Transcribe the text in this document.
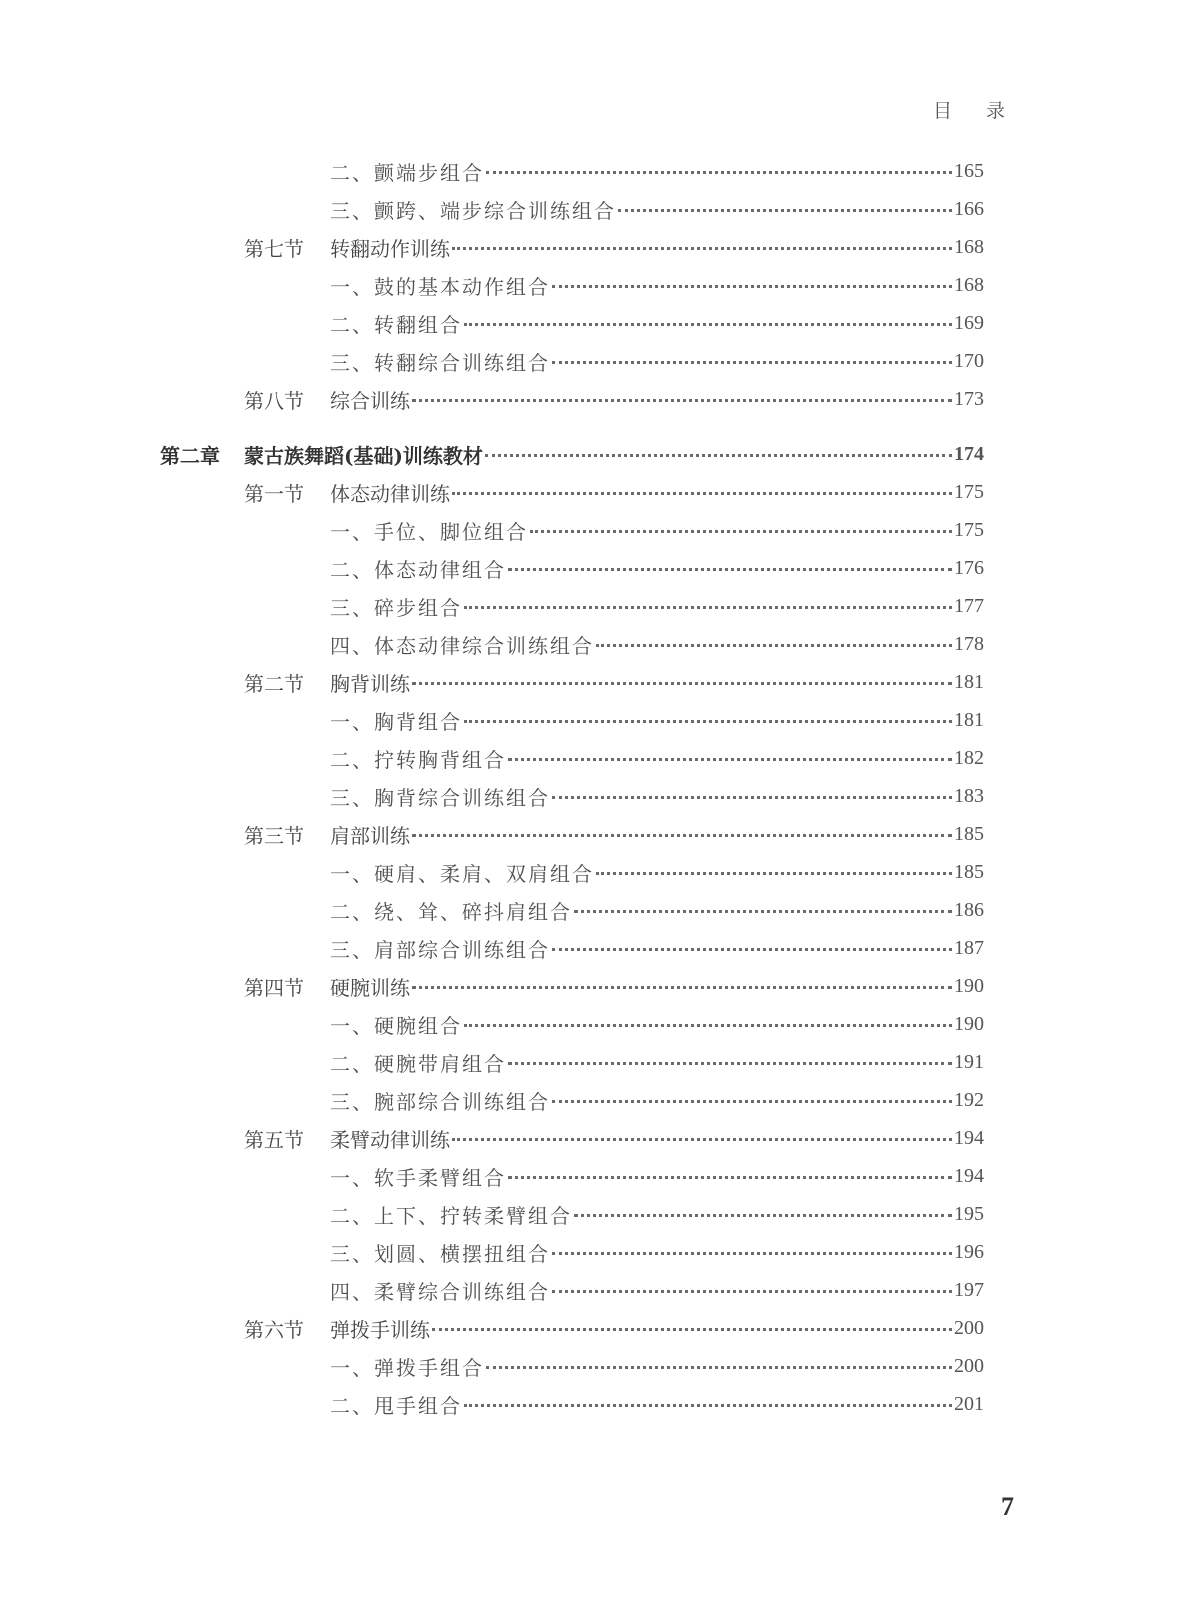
目 录
二、颤端步组合	165
三、颤跨、端步综合训练组合	166
第七节	转翻动作训练	168
一、鼓的基本动作组合	168
二、转翻组合	169
三、转翻综合训练组合	170
第八节	综合训练	173
第二章	蒙古族舞蹈(基础)训练教材	174
第一节	体态动律训练	175
一、手位、脚位组合	175
二、体态动律组合	176
三、碎步组合	177
四、体态动律综合训练组合	178
第二节	胸背训练	181
一、胸背组合	181
二、拧转胸背组合	182
三、胸背综合训练组合	183
第三节	肩部训练	185
一、硬肩、柔肩、双肩组合	185
二、绕、耸、碎抖肩组合	186
三、肩部综合训练组合	187
第四节	硬腕训练	190
一、硬腕组合	190
二、硬腕带肩组合	191
三、腕部综合训练组合	192
第五节	柔臂动律训练	194
一、软手柔臂组合	194
二、上下、拧转柔臂组合	195
三、划圆、横摆扭组合	196
四、柔臂综合训练组合	197
第六节	弹拨手训练	200
一、弹拨手组合	200
二、甩手组合	201
7
